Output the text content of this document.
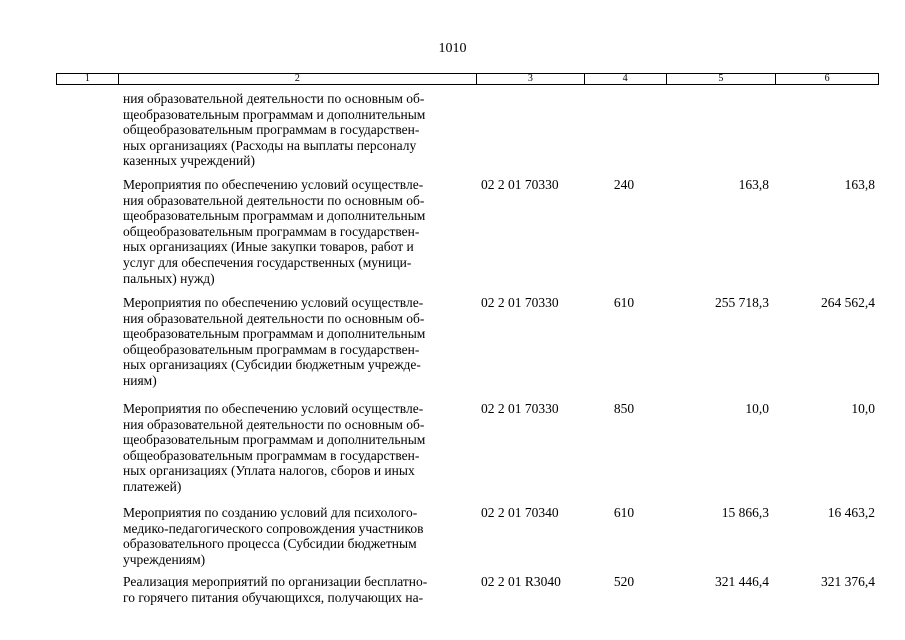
1010
1	2	3	4	5	6
ния образовательной деятельности по основным об-
щеобразовательным программам и дополнительным
общеобразовательным программам в государствен-
ных организациях (Расходы на выплаты персоналу
казенных учреждений)
Мероприятия по обеспечению условий осуществле-
ния образовательной деятельности по основным об-
щеобразовательным программам и дополнительным
общеобразовательным программам в государствен-
ных организациях (Иные закупки товаров, работ и
услуг для обеспечения государственных (муници-
пальных) нужд)
02 2 01 70330	240	163,8	163,8
Мероприятия по обеспечению условий осуществле-
ния образовательной деятельности по основным об-
щеобразовательным программам и дополнительным
общеобразовательным программам в государствен-
ных организациях (Субсидии бюджетным учрежде-
ниям)
02 2 01 70330	610	255 718,3	264 562,4
Мероприятия по обеспечению условий осуществле-
ния образовательной деятельности по основным об-
щеобразовательным программам и дополнительным
общеобразовательным программам в государствен-
ных организациях (Уплата налогов, сборов и иных
платежей)
02 2 01 70330	850	10,0	10,0
Мероприятия по созданию условий для психолого-
медико-педагогического сопровождения участников
образовательного процесса (Субсидии бюджетным
учреждениям)
02 2 01 70340	610	15 866,3	16 463,2
Реализация мероприятий по организации бесплатно-
го горячего питания обучающихся, получающих на-
02 2 01 R3040	520	321 446,4	321 376,4
